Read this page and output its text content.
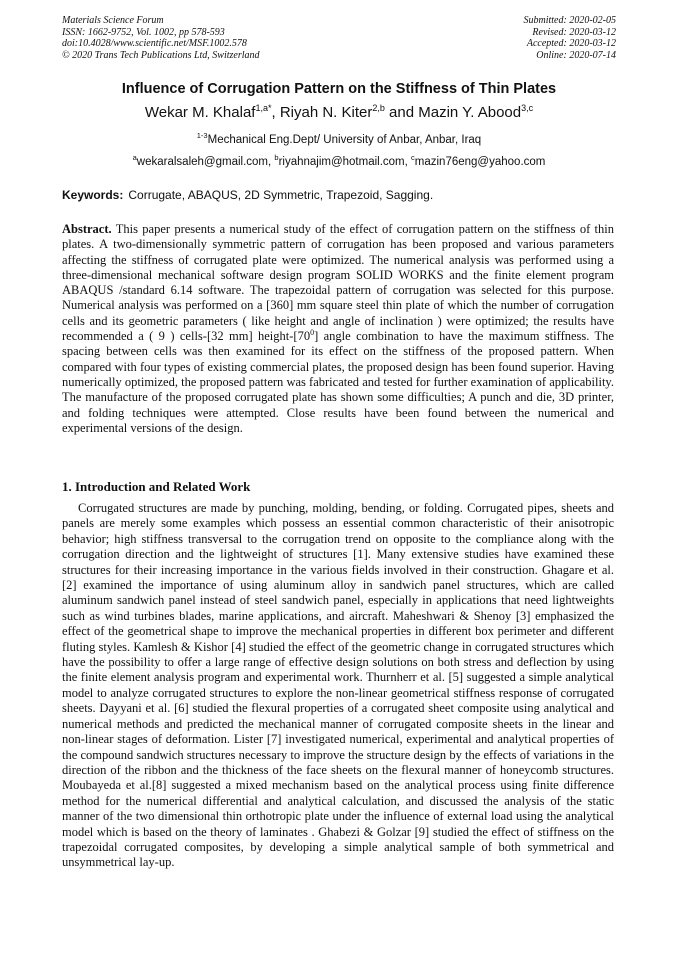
Materials Science Forum
ISSN: 1662-9752, Vol. 1002, pp 578-593
doi:10.4028/www.scientific.net/MSF.1002.578
© 2020 Trans Tech Publications Ltd, Switzerland
Submitted: 2020-02-05
Revised: 2020-03-12
Accepted: 2020-03-12
Online: 2020-07-14
Influence of Corrugation Pattern on the Stiffness of Thin Plates
Wekar M. Khalaf$^{1,a*}$, Riyah N. Kiter$^{2,b}$ and Mazin Y. Abood$^{3,c}$
$^{1-3}$Mechanical Eng.Dept/ University of Anbar, Anbar, Iraq
$^a$wekaralsaleh@gmail.com, $^b$riyahnajim@hotmail.com, $^c$mazin76eng@yahoo.com
Keywords: Corrugate, ABAQUS, 2D Symmetric, Trapezoid, Sagging.

Abstract. This paper presents a numerical study of the effect of corrugation pattern on the stiffness of thin plates. A two-dimensionally symmetric pattern of corrugation has been proposed and various parameters affecting the stiffness of corrugated plate were optimized. The numerical analysis was performed using a three-dimensional mechanical software design program SOLID WORKS and the finite element program ABAQUS /standard 6.14 software. The trapezoidal pattern of corrugation was selected for this purpose. Numerical analysis was performed on a [360] mm square steel thin plate of which the number of corrugation cells and its geometric parameters ( like height and angle of inclination ) were optimized; the results have recommended a ( 9 ) cells-[32 mm] height-$[70^0]$ angle combination to have the maximum stiffness. The spacing between cells was then examined for its effect on the stiffness of the proposed pattern. When compared with four types of existing commercial plates, the proposed design has been found superior. Having numerically optimized, the proposed pattern was fabricated and tested for further examination of applicability. The manufacture of the proposed corrugated plate has shown some difficulties; A punch and die, 3D printer, and folding techniques were attempted. Close results have been found between the numerical and experimental versions of the design.

1. Introduction and Related Work

Corrugated structures are made by punching, molding, bending, or folding. Corrugated pipes, sheets and panels are merely some examples which possess an essential common characteristic of their anisotropic behavior; high stiffness transversal to the corrugation trend on opposite to the compliance along with the corrugation direction and the lightweight of structures [1]. Many extensive studies have examined these structures for their increasing importance in the various fields involved in their construction. Ghagare et al. [2] examined the importance of using aluminum alloy in sandwich panel structures, which are called aluminum sandwich panel instead of steel sandwich panel, especially in applications that need lightweights such as wind turbines blades, marine applications, and aircraft. Maheshwari & Shenoy [3] emphasized the effect of the geometrical shape to improve the mechanical properties in different box perimeter and different fluting styles. Kamlesh & Kishor [4] studied the effect of the geometric change in corrugated structures which have the possibility to offer a large range of effective design solutions on both stress and deflection by using the finite element analysis program and experimental work. Thurnherr et al. [5] suggested a simple analytical model to analyze corrugated structures to explore the non-linear geometrical stiffness response of corrugated sheets. Dayyani et al. [6] studied the flexural properties of a corrugated sheet composite using analytical and numerical methods and predicted the mechanical manner of corrugated composite sheets in the linear and non-linear stages of deformation. Lister [7] investigated numerical, experimental and analytical properties of the compound sandwich structures necessary to improve the structure design by the effects of variations in the direction of the ribbon and the thickness of the face sheets on the flexural manner of honeycomb structures. Moubayeda et al.[8] suggested a mixed mechanism based on the analytical process using finite difference method for the numerical differential and analytical calculation, and discussed the analysis of the static manner of the two dimensional thin orthotropic plate under the influence of external load using the analytical model which is based on the theory of laminates . Ghabezi & Golzar [9] studied the effect of stiffness on the trapezoidal corrugated composites, by developing a simple analytical sample of both symmetrical and unsymmetrical lay-up.
